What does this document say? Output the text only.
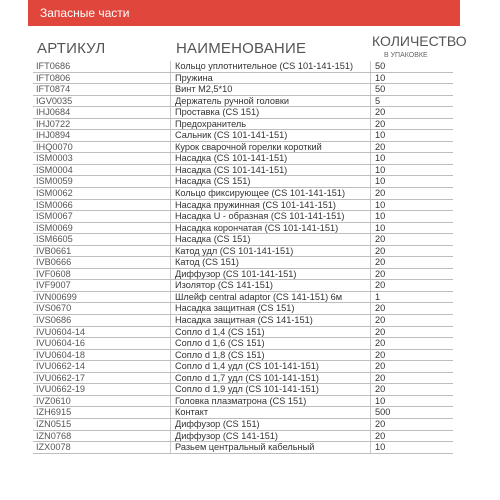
Запасные части
АРТИКУЛ	НАИМЕНОВАНИЕ	КОЛИЧЕСТВО
В УПАКОВКЕ
IFT0686	Кольцо уплотнительное (CS 101-141-151) 50
IFT0806	Пружина	10
IFT0874	Винт M2,5*10	50
IGV0035	Держатель ручной головки	5
IHJ0684	Проставка (CS 151)	20
IHJ0722	Предохранитель	20
IHJ0894	Сальник (CS 101-141-151)	10
IHQ0070	Курок сварочной горелки короткий	20
ISM0003	Насадка (CS 101-141-151)	10
ISM0004	Насадка (CS 101-141-151)	10
ISM0059	Насадка (CS 151)	10
ISM0062	Кольцо фиксирующее (CS 101-141-151)	20
ISM0066	Насадка пружинная (CS 101-141-151)	10
ISM0067	Насадка U - образная (CS 101-141-151)	10
ISM0069	Насадка корончатая (CS 101-141-151)	10
ISM6605	Насадка (CS 151)	20
IVB0661	Катод удл (CS 101-141-151)	20
IVB0666	Катод (CS 151)	20
IVF0608	Диффузор (CS 101-141-151)	20
IVF9007	Изолятор (CS 141-151)	20
IVN00699	Шлейф central adaptor (CS 141-151) 6м	1
IVS0670	Насадка защитная (CS 151)	20
IVS0686	Насадка защитная (CS 141-151)	20
IVU0604-14	Сопло d 1,4 (CS 151)	20
IVU0604-16	Сопло d 1,6 (CS 151)	20
IVU0604-18	Сопло d 1,8 (CS 151)	20
IVU0662-14	Сопло d 1,4 удл (CS 101-141-151)	20
IVU0662-17	Сопло d 1,7 удл (CS 101-141-151)	20
IVU0662-19	Сопло d 1,9 удл (CS 101-141-151)	20
IVZ0610	Головка плазматрона (CS 151)	10
IZH6915	Контакт	500
IZN0515	Диффузор (CS 151)	20
IZN0768	Диффузор (CS 141-151)	20
IZX0078	Разьем центральный кабельный	10
